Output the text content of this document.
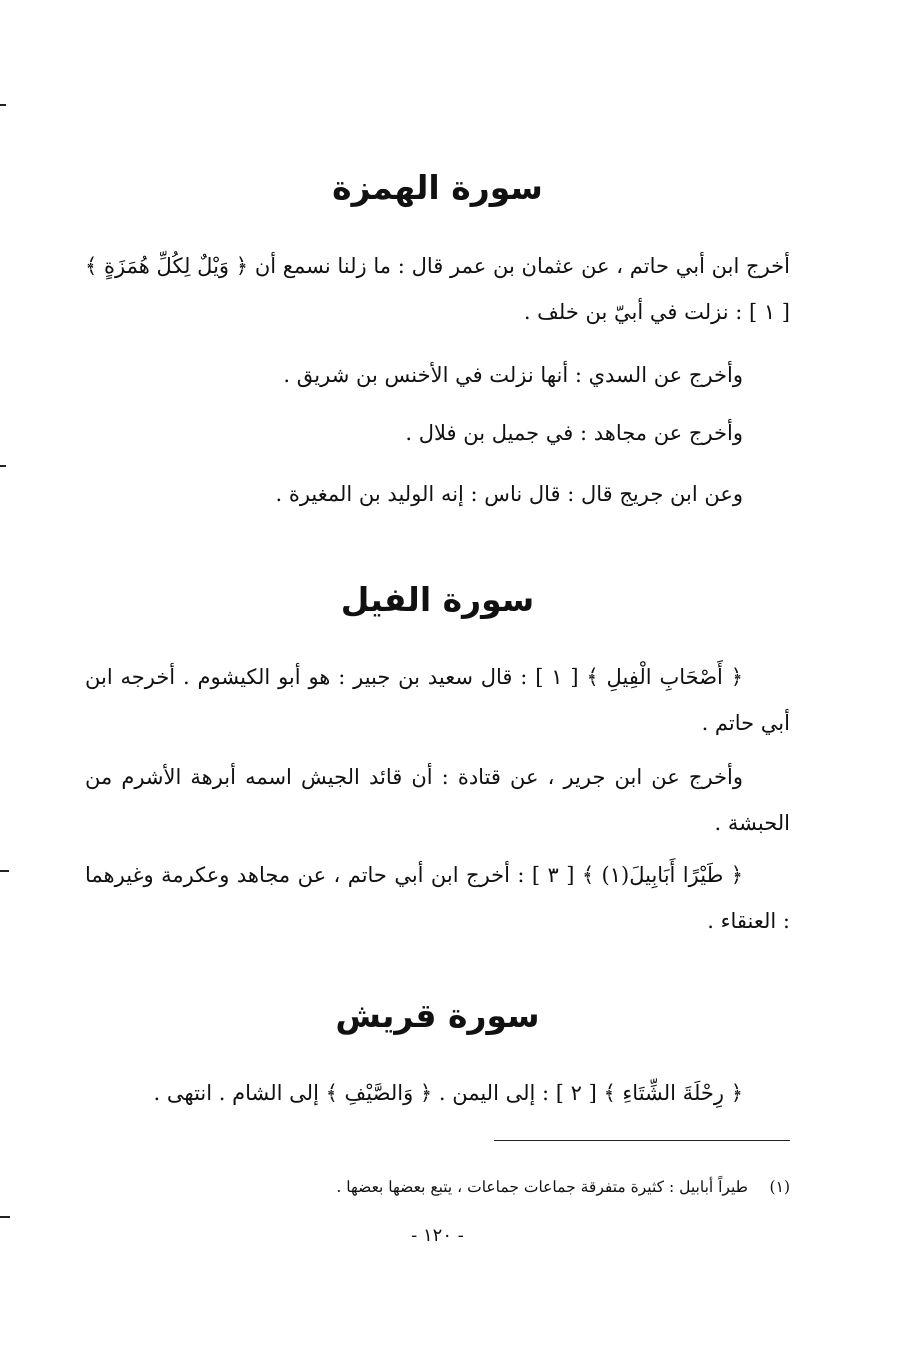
سورة الهمزة
أخرج ابن أبي حاتم ، عن عثمان بن عمر قال : ما زلنا نسمع أن ﴿ وَيْلٌ لِكُلِّ هُمَزَةٍ ﴾ [ ١ ] : نزلت في أبيّ بن خلف .
وأخرج عن السدي : أنها نزلت في الأخنس بن شريق .
وأخرج عن مجاهد : في جميل بن فلال .
وعن ابن جريج قال : قال ناس : إنه الوليد بن المغيرة .
سورة الفيل
﴿ أَصْحَابِ الْفِيلِ ﴾ [ ١ ] : قال سعيد بن جبير : هو أبو الكيشوم . أخرجه ابن أبي حاتم .
وأخرج عن ابن جرير ، عن قتادة : أن قائد الجيش اسمه أبرهة الأشرم من الحبشة .
﴿ طَيْرًا أَبَابِيلَ(١) ﴾ [ ٣ ] : أخرج ابن أبي حاتم ، عن مجاهد وعكرمة وغيرهما : العنقاء .
سورة قريش
﴿ رِحْلَةَ الشِّتَاءِ ﴾ [ ٢ ] : إلى اليمن . ﴿ وَالصَّيْفِ ﴾ إلى الشام . انتهى .
(١)طيراً أبابيل : كثيرة متفرقة جماعات جماعات ، يتبع بعضها بعضها .
- ١٢٠ -
